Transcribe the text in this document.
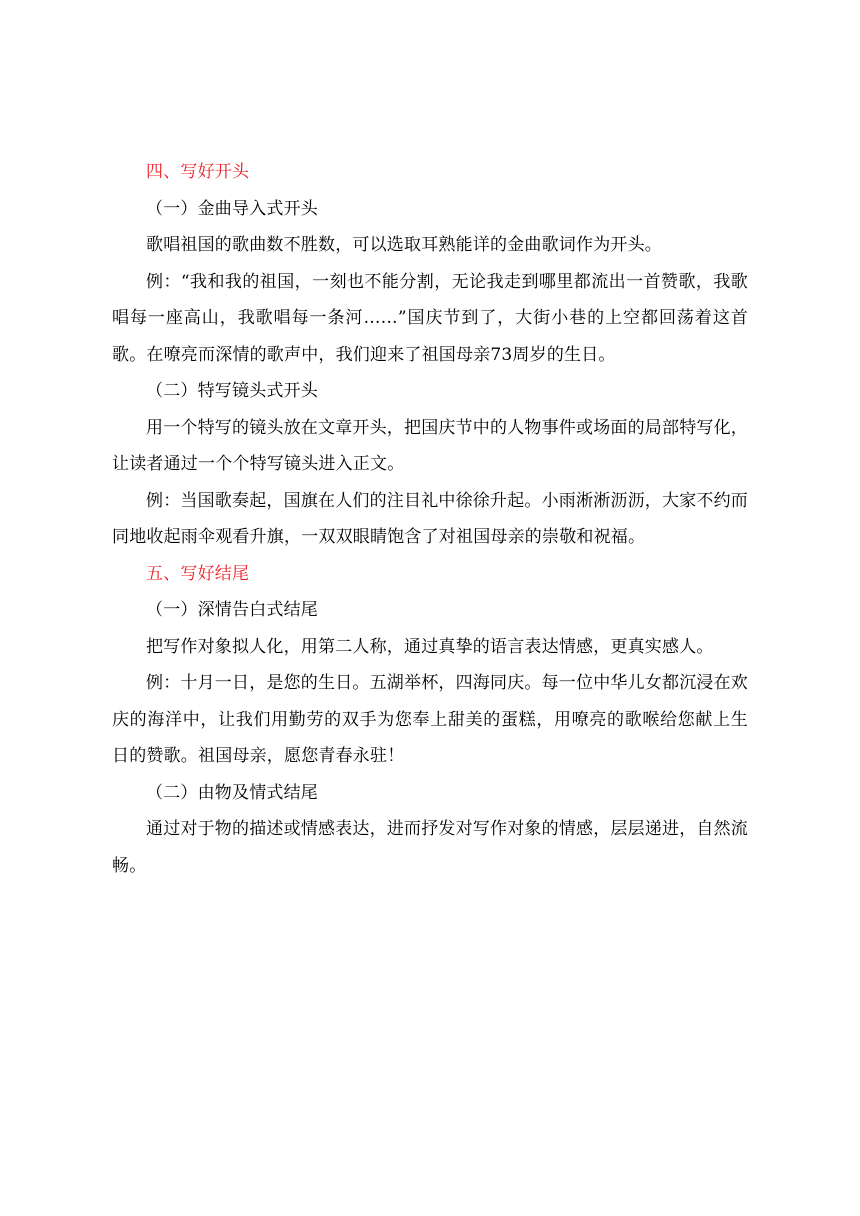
四、写好开头

（一）金曲导入式开头

歌唱祖国的歌曲数不胜数，可以选取耳熟能详的金曲歌词作为开头。

例：“我和我的祖国，一刻也不能分割，无论我走到哪里都流出一首赞歌，我歌唱每一座高山，我歌唱每一条河……”国庆节到了，大街小巷的上空都回荡着这首歌。在嘹亮而深情的歌声中，我们迎来了祖国母亲73周岁的生日。

（二）特写镜头式开头

用一个特写的镜头放在文章开头，把国庆节中的人物事件或场面的局部特写化，让读者通过一个个特写镜头进入正文。

例：当国歌奏起，国旗在人们的注目礼中徐徐升起。小雨淅淅沥沥，大家不约而同地收起雨伞观看升旗，一双双眼睛饱含了对祖国母亲的崇敬和祝福。

五、写好结尾

（一）深情告白式结尾

把写作对象拟人化，用第二人称，通过真挚的语言表达情感，更真实感人。

例：十月一日，是您的生日。五湖举杯，四海同庆。每一位中华儿女都沉浸在欢庆的海洋中，让我们用勤劳的双手为您奉上甜美的蛋糕，用嘹亮的歌喉给您献上生日的赞歌。祖国母亲，愿您青春永驻！

（二）由物及情式结尾

通过对于物的描述或情感表达，进而抒发对写作对象的情感，层层递进，自然流畅。
